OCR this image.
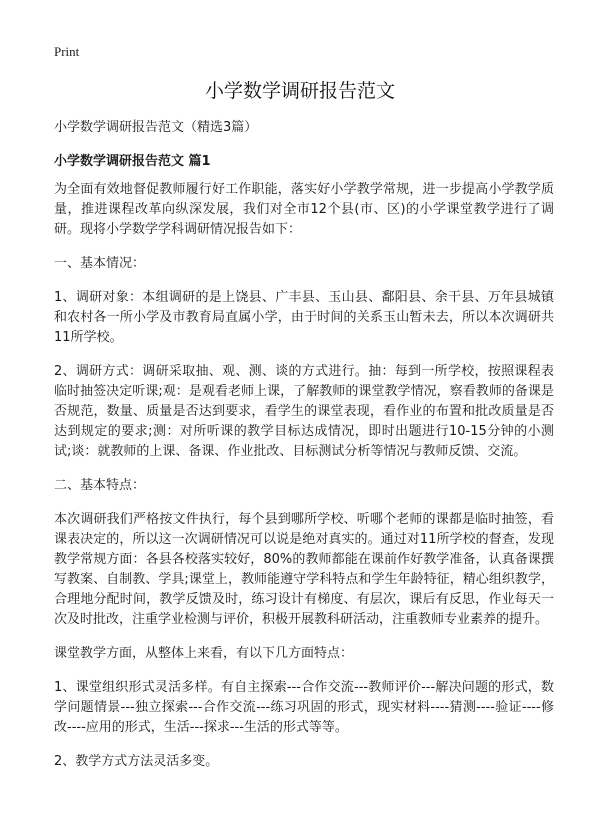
Print
小学数学调研报告范文

小学数学调研报告范文（精选3篇）

小学数学调研报告范文 篇1

为全面有效地督促教师履行好工作职能，落实好小学教学常规，进一步提高小学教学质量，推进课程改革向纵深发展，我们对全市12个县(市、区)的小学课堂教学进行了调研。现将小学数学学科调研情况报告如下：

一、基本情况：

1、调研对象：本组调研的是上饶县、广丰县、玉山县、鄱阳县、余干县、万年县城镇和农村各一所小学及市教育局直属小学，由于时间的关系玉山暂未去，所以本次调研共11所学校。

2、调研方式：调研采取抽、观、测、谈的方式进行。抽：每到一所学校，按照课程表临时抽签决定听课;观：是观看老师上课，了解教师的课堂教学情况，察看教师的备课是否规范，数量、质量是否达到要求，看学生的课堂表现，看作业的布置和批改质量是否达到规定的要求;测：对所听课的教学目标达成情况，即时出题进行10-15分钟的小测试;谈：就教师的上课、备课、作业批改、目标测试分析等情况与教师反馈、交流。

二、基本特点：

本次调研我们严格按文件执行，每个县到哪所学校、听哪个老师的课都是临时抽签，看课表决定的，所以这一次调研情况可以说是绝对真实的。通过对11所学校的督查，发现教学常规方面：各县各校落实较好，80%的教师都能在课前作好教学准备，认真备课撰写教案、自制教、学具;课堂上，教师能遵守学科特点和学生年龄特征，精心组织教学，合理地分配时间，教学反馈及时，练习设计有梯度、有层次，课后有反思，作业每天一次及时批改，注重学业检测与评价，积极开展教科研活动，注重教师专业素养的提升。

课堂教学方面，从整体上来看，有以下几方面特点：

1、课堂组织形式灵活多样。有自主探索---合作交流---教师评价---解决问题的形式，数学问题情景---独立探索---合作交流---练习巩固的形式，现实材料----猜测----验证----修改----应用的形式，生活---探求---生活的形式等等。

2、教学方式方法灵活多变。
